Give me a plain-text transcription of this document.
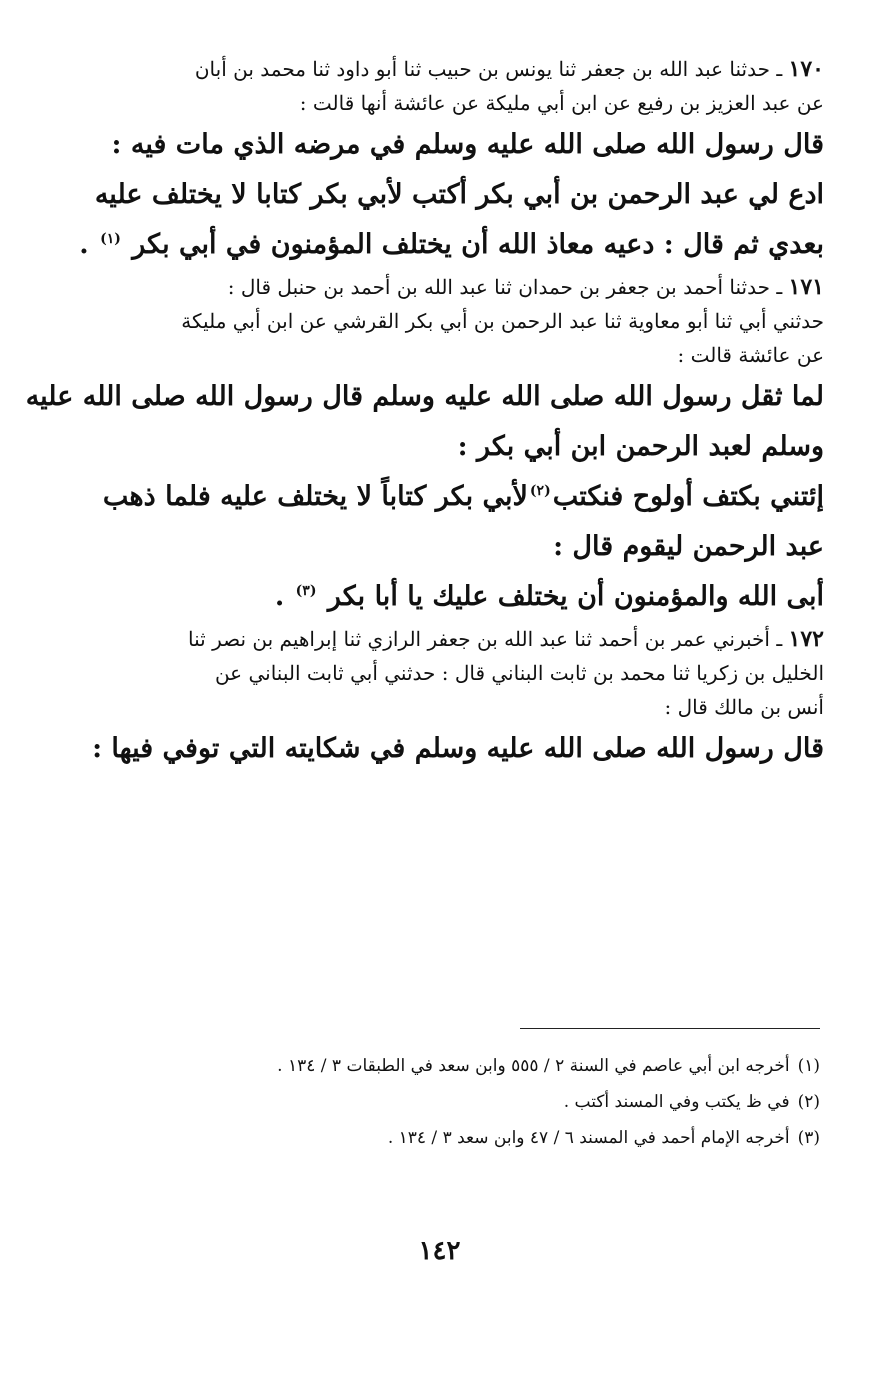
١٧٠ ـ حدثنا عبد الله بن جعفر ثنا يونس بن حبيب ثنا أبو داود ثنا محمد بن أبان
عن عبد العزيز بن رفيع عن ابن أبي مليكة عن عائشة أنها قالت :
قال رسول الله صلى الله عليه وسلم في مرضه الذي مات فيه :
ادع لي عبد الرحمن بن أبي بكر أكتب لأبي بكر كتابا لا يختلف عليه
بعدي ثم قال : دعيه معاذ الله أن يختلف المؤمنون في أبي بكر $^{(١)}$ .
١٧١ ـ حدثنا أحمد بن جعفر بن حمدان ثنا عبد الله بن أحمد بن حنبل قال :
حدثني أبي ثنا أبو معاوية ثنا عبد الرحمن بن أبي بكر القرشي عن ابن أبي مليكة
عن عائشة قالت :
لما ثقل رسول الله صلى الله عليه وسلم قال رسول الله صلى الله عليه
وسلم لعبد الرحمن ابن أبي بكر :
إئتني بكتف أولوح فنكتب$^{(٢)}$لأبي بكر كتاباً لا يختلف عليه فلما ذهب
عبد الرحمن ليقوم قال :
أبى الله والمؤمنون أن يختلف عليك يا أبا بكر $^{(٣)}$ .
١٧٢ ـ أخبرني عمر بن أحمد ثنا عبد الله بن جعفر الرازي ثنا إبراهيم بن نصر ثنا
الخليل بن زكريا ثنا محمد بن ثابت البناني قال : حدثني أبي ثابت البناني عن
أنس بن مالك قال :
قال رسول الله صلى الله عليه وسلم في شكايته التي توفي فيها :
(١)أخرجه ابن أبي عاصم في السنة ٢ / ٥٥٥ وابن سعد في الطبقات ٣ / ١٣٤ .
(٢)في ظ يكتب وفي المسند أكتب .
(٣)أخرجه الإمام أحمد في المسند ٦ / ٤٧ وابن سعد ٣ / ١٣٤ .
١٤٢
